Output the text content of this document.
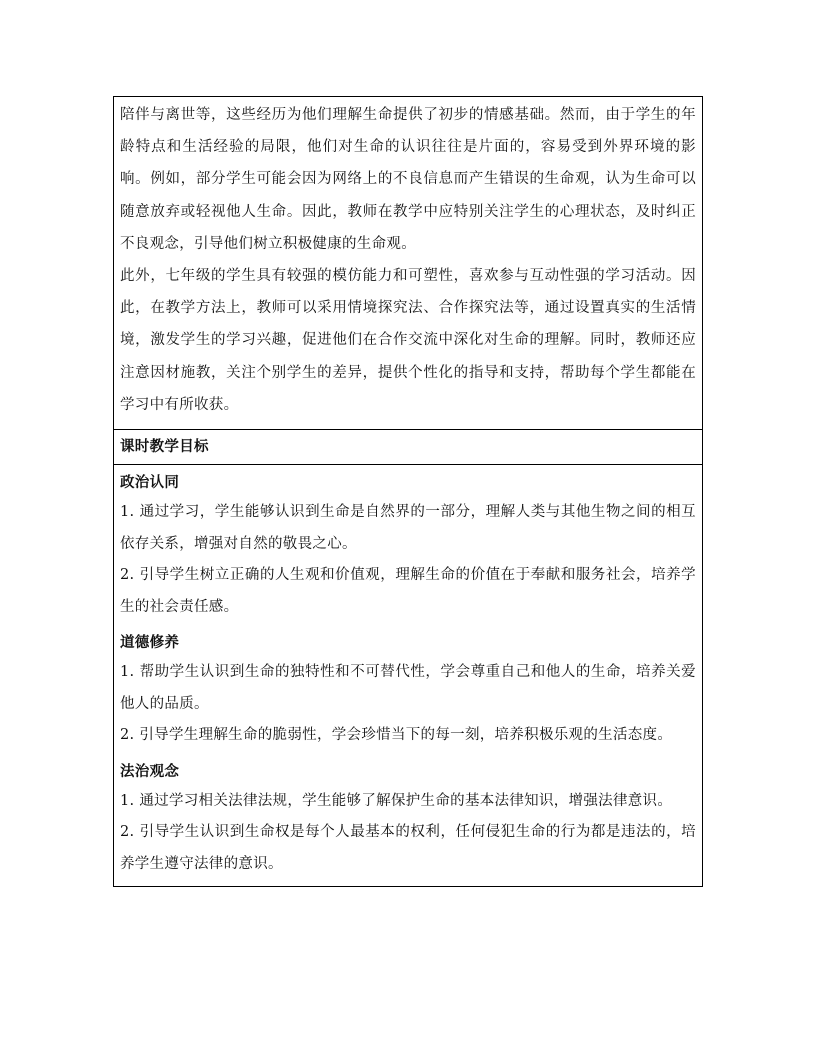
陪伴与离世等，这些经历为他们理解生命提供了初步的情感基础。然而，由于学生的年龄特点和生活经验的局限，他们对生命的认识往往是片面的，容易受到外界环境的影响。例如，部分学生可能会因为网络上的不良信息而产生错误的生命观，认为生命可以随意放弃或轻视他人生命。因此，教师在教学中应特别关注学生的心理状态，及时纠正不良观念，引导他们树立积极健康的生命观。

此外，七年级的学生具有较强的模仿能力和可塑性，喜欢参与互动性强的学习活动。因此，在教学方法上，教师可以采用情境探究法、合作探究法等，通过设置真实的生活情境，激发学生的学习兴趣，促进他们在合作交流中深化对生命的理解。同时，教师还应注意因材施教，关注个别学生的差异，提供个性化的指导和支持，帮助每个学生都能在学习中有所收获。

课时教学目标

政治认同

1. 通过学习，学生能够认识到生命是自然界的一部分，理解人类与其他生物之间的相互依存关系，增强对自然的敬畏之心。

2. 引导学生树立正确的人生观和价值观，理解生命的价值在于奉献和服务社会，培养学生的社会责任感。

道德修养

1. 帮助学生认识到生命的独特性和不可替代性，学会尊重自己和他人的生命，培养关爱他人的品质。

2. 引导学生理解生命的脆弱性，学会珍惜当下的每一刻，培养积极乐观的生活态度。

法治观念

1. 通过学习相关法律法规，学生能够了解保护生命的基本法律知识，增强法律意识。

2. 引导学生认识到生命权是每个人最基本的权利，任何侵犯生命的行为都是违法的，培养学生遵守法律的意识。
